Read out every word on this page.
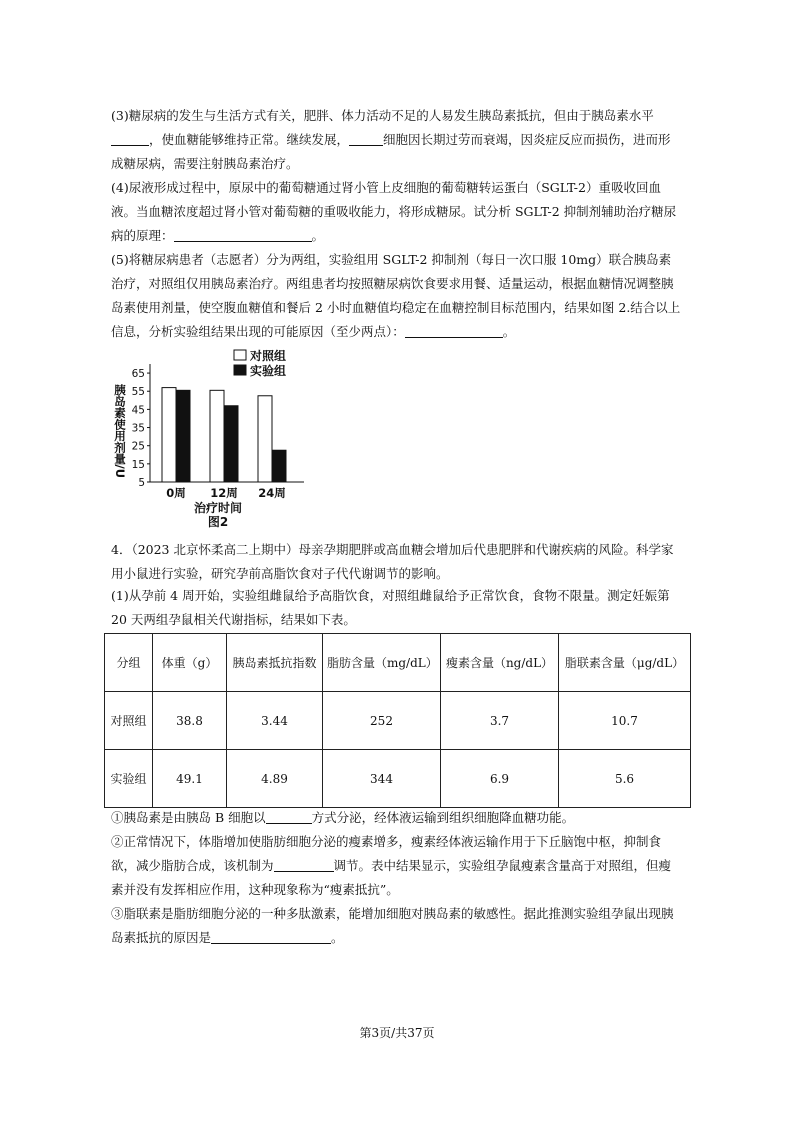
(3)糖尿病的发生与生活方式有关，肥胖、体力活动不足的人易发生胰岛素抵抗，但由于胰岛素水平，使血糖能够维持正常。继续发展，	细胞因长期过劳而衰竭，因炎症反应而损伤，进而形成糖尿病，需要注射胰岛素治疗。

(4)尿液形成过程中，原尿中的葡萄糖通过肾小管上皮细胞的葡萄糖转运蛋白（SGLT-2）重吸收回血液。当血糖浓度超过肾小管对葡萄糖的重吸收能力，将形成糖尿。试分析 SGLT-2 抑制剂辅助治疗糖尿病的原理：	。

(5)将糖尿病患者（志愿者）分为两组，实验组用 SGLT-2 抑制剂（每日一次口服 10mg）联合胰岛素治疗，对照组仅用胰岛素治疗。两组患者均按照糖尿病饮食要求用餐、适量运动，根据血糖情况调整胰岛素使用剂量，使空腹血糖值和餐后 2 小时血糖值均稳定在血糖控制目标范围内，结果如图 2.结合以上信息，分析实验组结果出现的可能原因（至少两点）：	。

5
15
25
35
45
55
65
胰岛素使用剂量/U
0周 12周 24周
治疗时间
图2
对照组
实验组

4．（2023 北京怀柔高二上期中）母亲孕期肥胖或高血糖会增加后代患肥胖和代谢疾病的风险。科学家用小鼠进行实验，研究孕前高脂饮食对子代代谢调节的影响。

(1)从孕前 4 周开始，实验组雌鼠给予高脂饮食，对照组雌鼠给予正常饮食，食物不限量。测定妊娠第 20 天两组孕鼠相关代谢指标，结果如下表。

分组	体重（g）	胰岛素抵抗指数	脂肪含量（mg/dL）	瘦素含量（ng/dL）	脂联素含量（μg/dL）
对照组	38.8	3.44	252	3.7	10.7
实验组	49.1	4.89	344	6.9	5.6

①胰岛素是由胰岛 B 细胞以	方式分泌，经体液运输到组织细胞降血糖功能。

②正常情况下，体脂增加使脂肪细胞分泌的瘦素增多，瘦素经体液运输作用于下丘脑饱中枢，抑制食欲，减少脂肪合成，该机制为	调节。表中结果显示，实验组孕鼠瘦素含量高于对照组，但瘦素并没有发挥相应作用，这种现象称为“瘦素抵抗”。

③脂联素是脂肪细胞分泌的一种多肽激素，能增加细胞对胰岛素的敏感性。据此推测实验组孕鼠出现胰岛素抵抗的原因是	。

第3页/共37页
